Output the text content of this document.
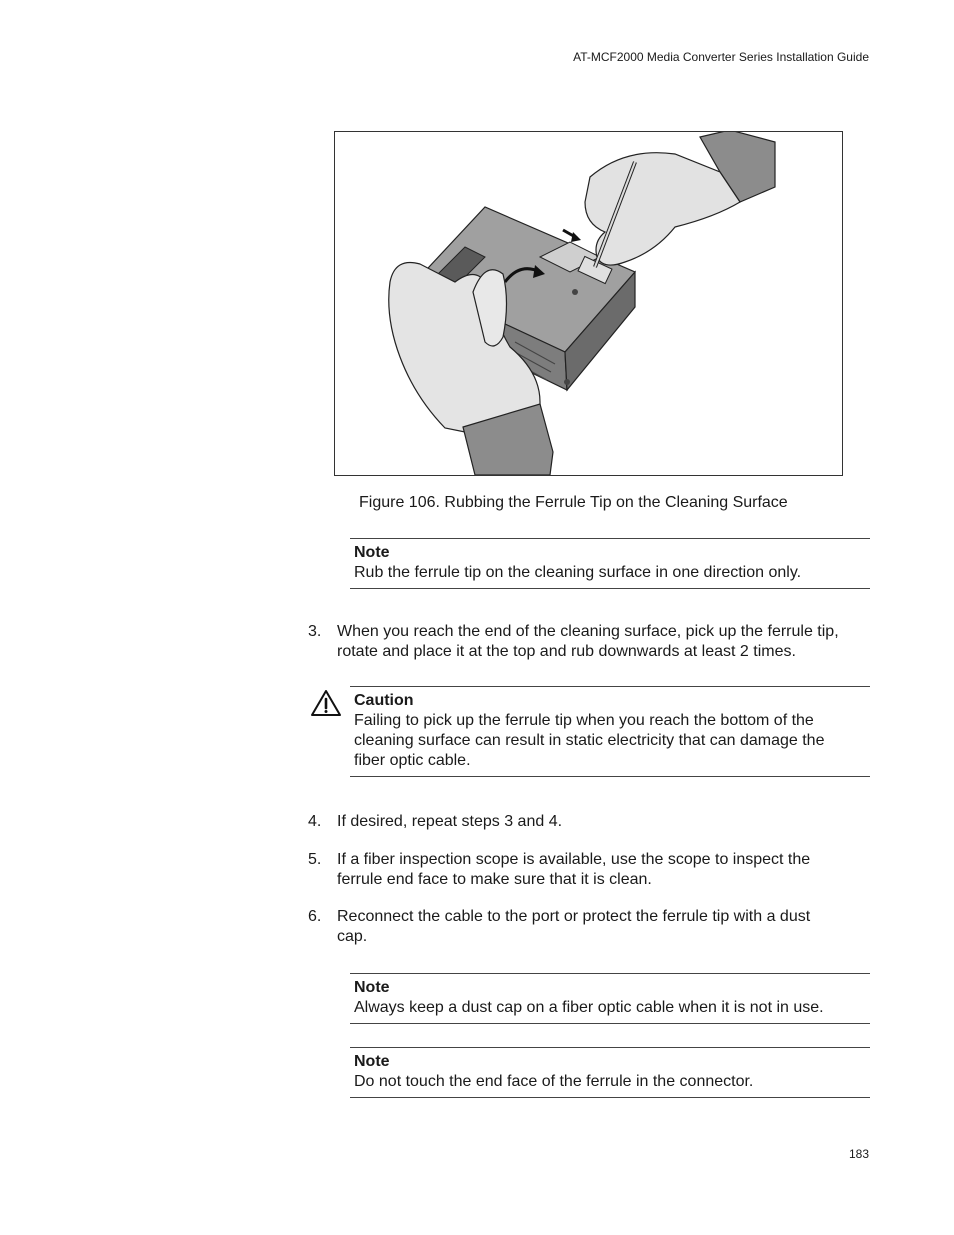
AT-MCF2000 Media Converter Series Installation Guide
Figure 106. Rubbing the Ferrule Tip on the Cleaning Surface
Note
Rub the ferrule tip on the cleaning surface in one direction only.
3. When you reach the end of the cleaning surface, pick up the ferrule tip,
rotate and place it at the top and rub downwards at least 2 times.
Caution
Failing to pick up the ferrule tip when you reach the bottom of the
cleaning surface can result in static electricity that can damage the
fiber optic cable.
4. If desired, repeat steps 3 and 4.
5. If a fiber inspection scope is available, use the scope to inspect the
ferrule end face to make sure that it is clean.
6. Reconnect the cable to the port or protect the ferrule tip with a dust
cap.
Note
Always keep a dust cap on a fiber optic cable when it is not in use.
Note
Do not touch the end face of the ferrule in the connector.
183
